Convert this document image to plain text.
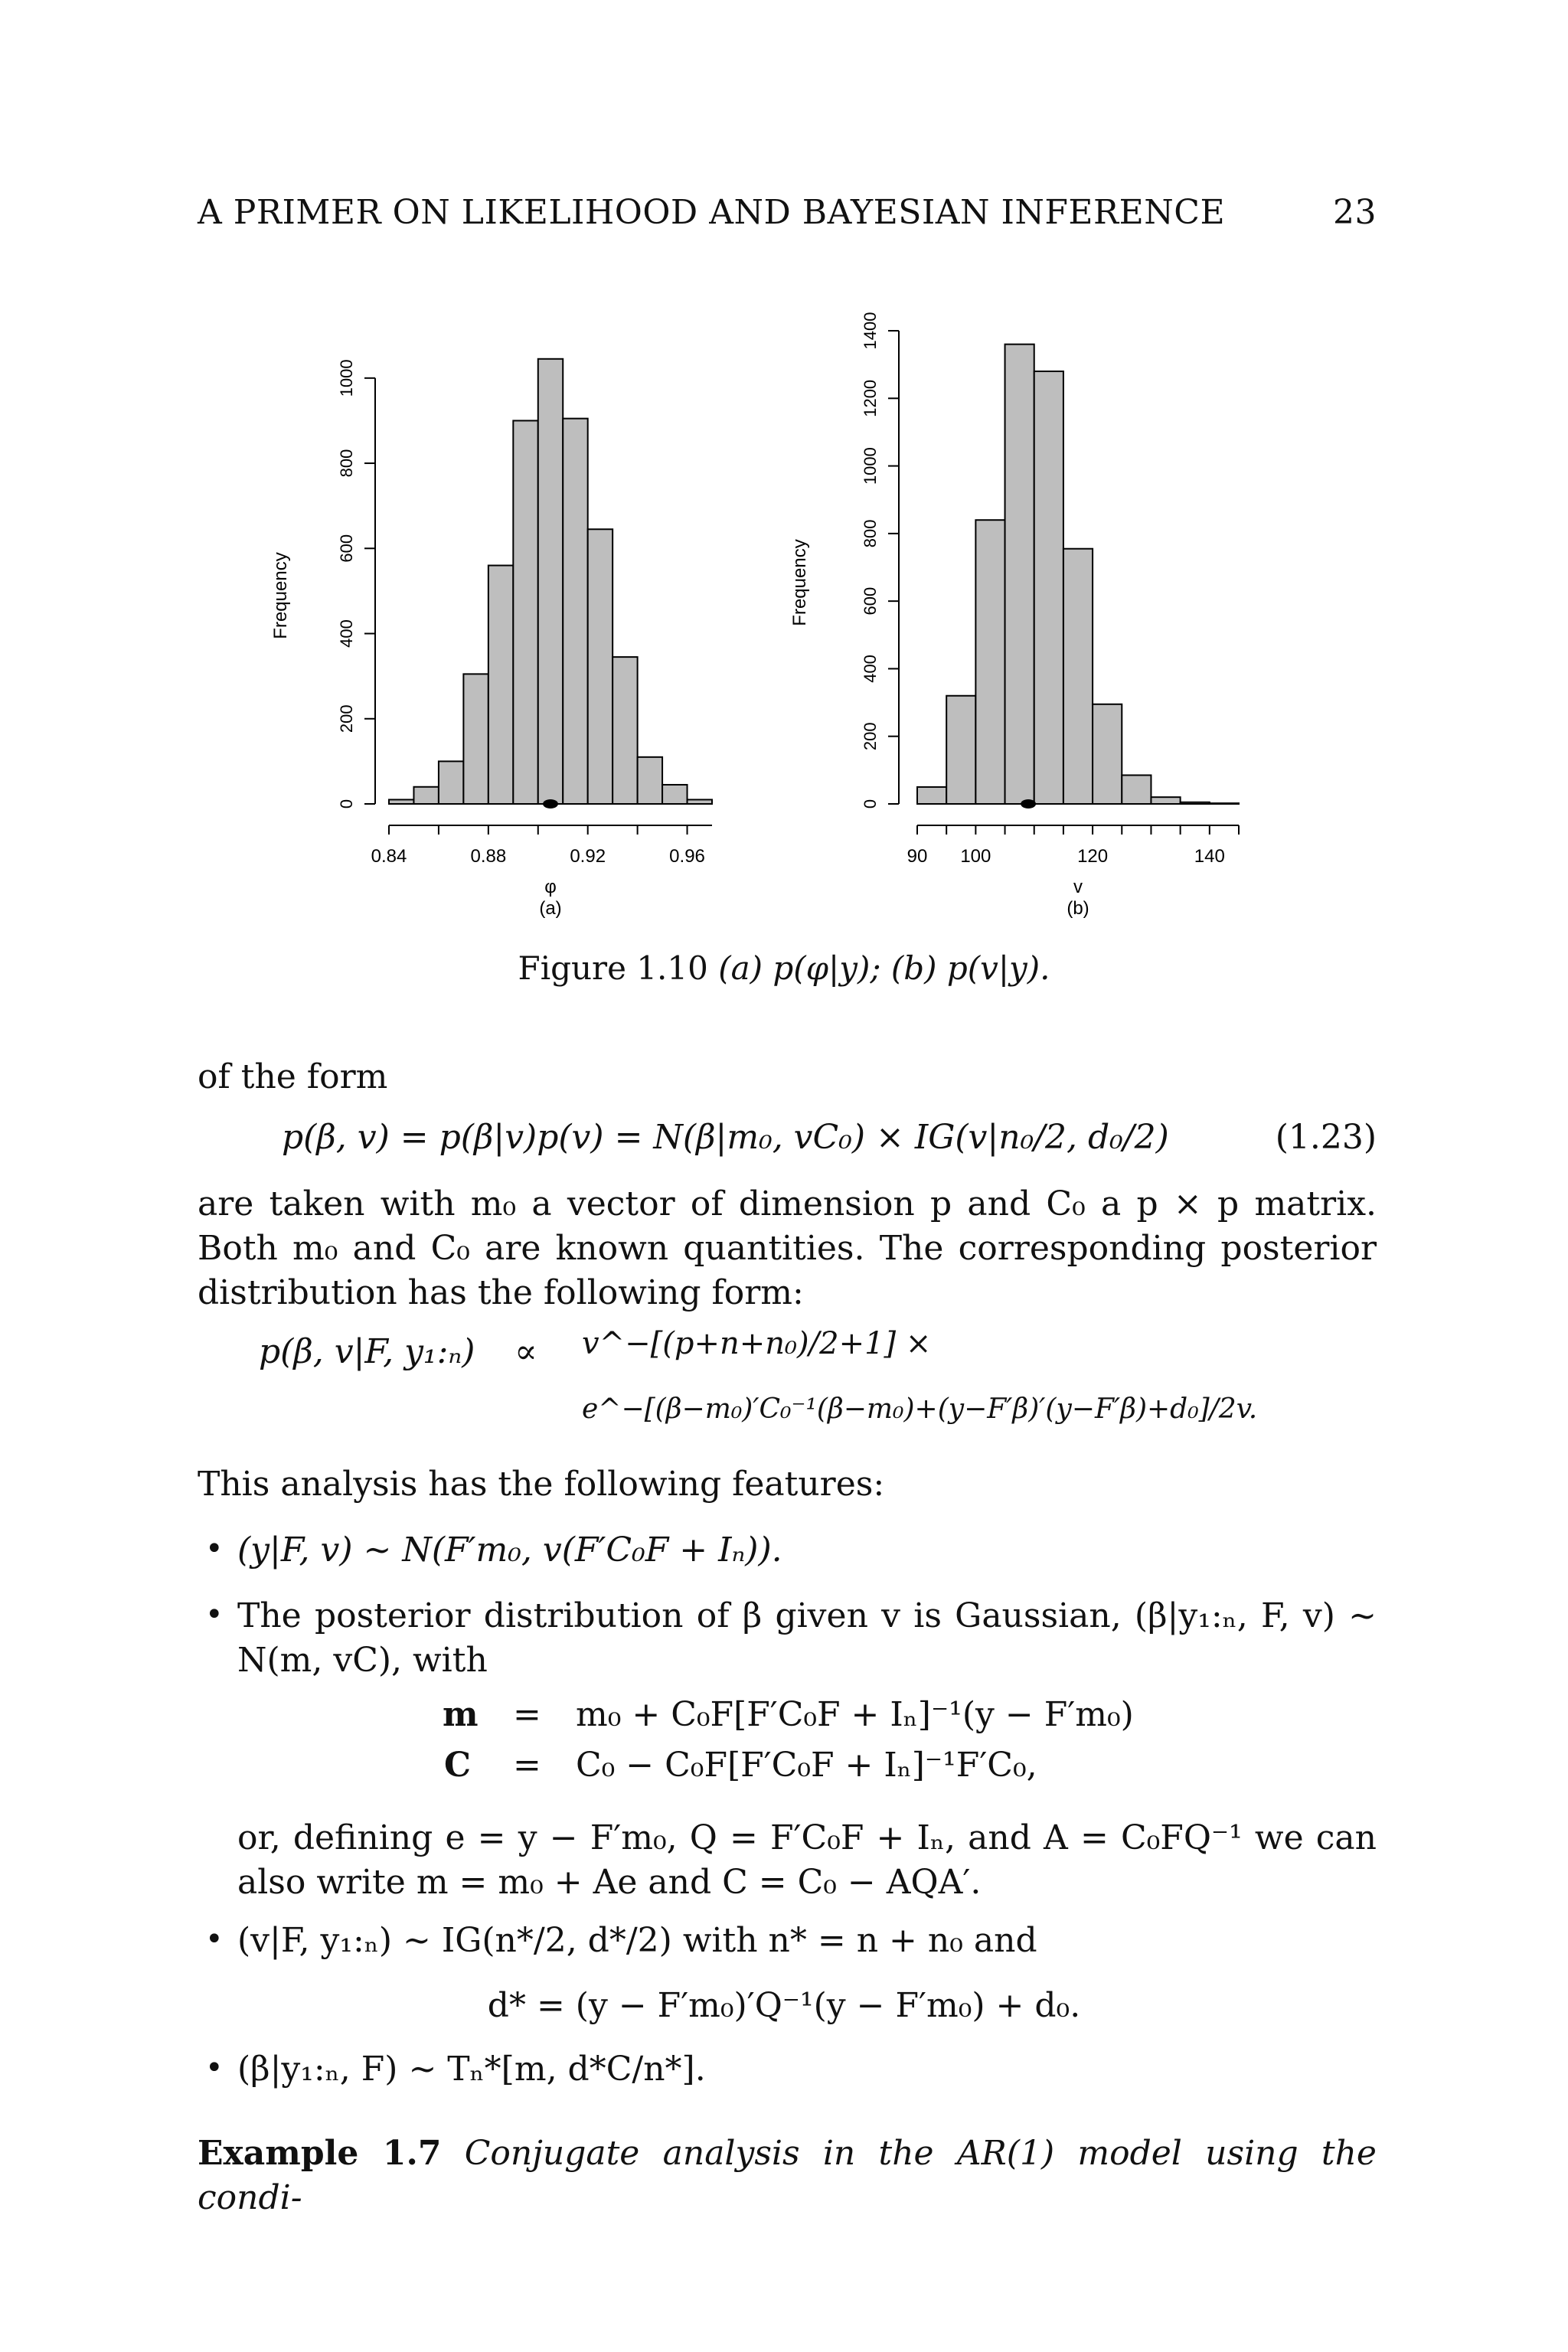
A PRIMER ON LIKELIHOOD AND BAYESIAN INFERENCE	23
0
200
400
600
800
1000
0.84	0.88	0.92	0.96
Frequency
φ
(a)
0
200
400
600
800
1000
1200
1400
90 100	120	140
Frequency
v
(b)
Figure 1.10 (a) p(φ|y); (b) p(v|y).
of the form
p(β, v) = p(β|v)p(v) = N(β|m₀, vC₀) × IG(v|n₀/2, d₀/2)	(1.23)
are taken with m₀ a vector of dimension p and C₀ a p × p matrix. Both m₀ and C₀ are known quantities. The corresponding posterior distribution has the following form:
p(β, v|F, y₁:ₙ) ∝ v^−[(p+n+n₀)/2+1] ×
e^−[(β−m₀)′C₀⁻¹(β−m₀)+(y−F′β)′(y−F′β)+d₀]/2v.
This analysis has the following features:
• (y|F, v) ∼ N(F′m₀, v(F′C₀F + Iₙ)).
• The posterior distribution of β given v is Gaussian, (β|y₁:ₙ, F, v) ∼ N(m, vC), with
m = m₀ + C₀F[F′C₀F + Iₙ]⁻¹(y − F′m₀)
C = C₀ − C₀F[F′C₀F + Iₙ]⁻¹F′C₀,
or, defining e = y − F′m₀, Q = F′C₀F + Iₙ, and A = C₀FQ⁻¹ we can also write m = m₀ + Ae and C = C₀ − AQA′.
• (v|F, y₁:ₙ) ∼ IG(n*/2, d*/2) with n* = n + n₀ and
d* = (y − F′m₀)′Q⁻¹(y − F′m₀) + d₀.
• (β|y₁:ₙ, F) ∼ Tₙ*[m, d*C/n*].
Example 1.7 Conjugate analysis in the AR(1) model using the condi-
